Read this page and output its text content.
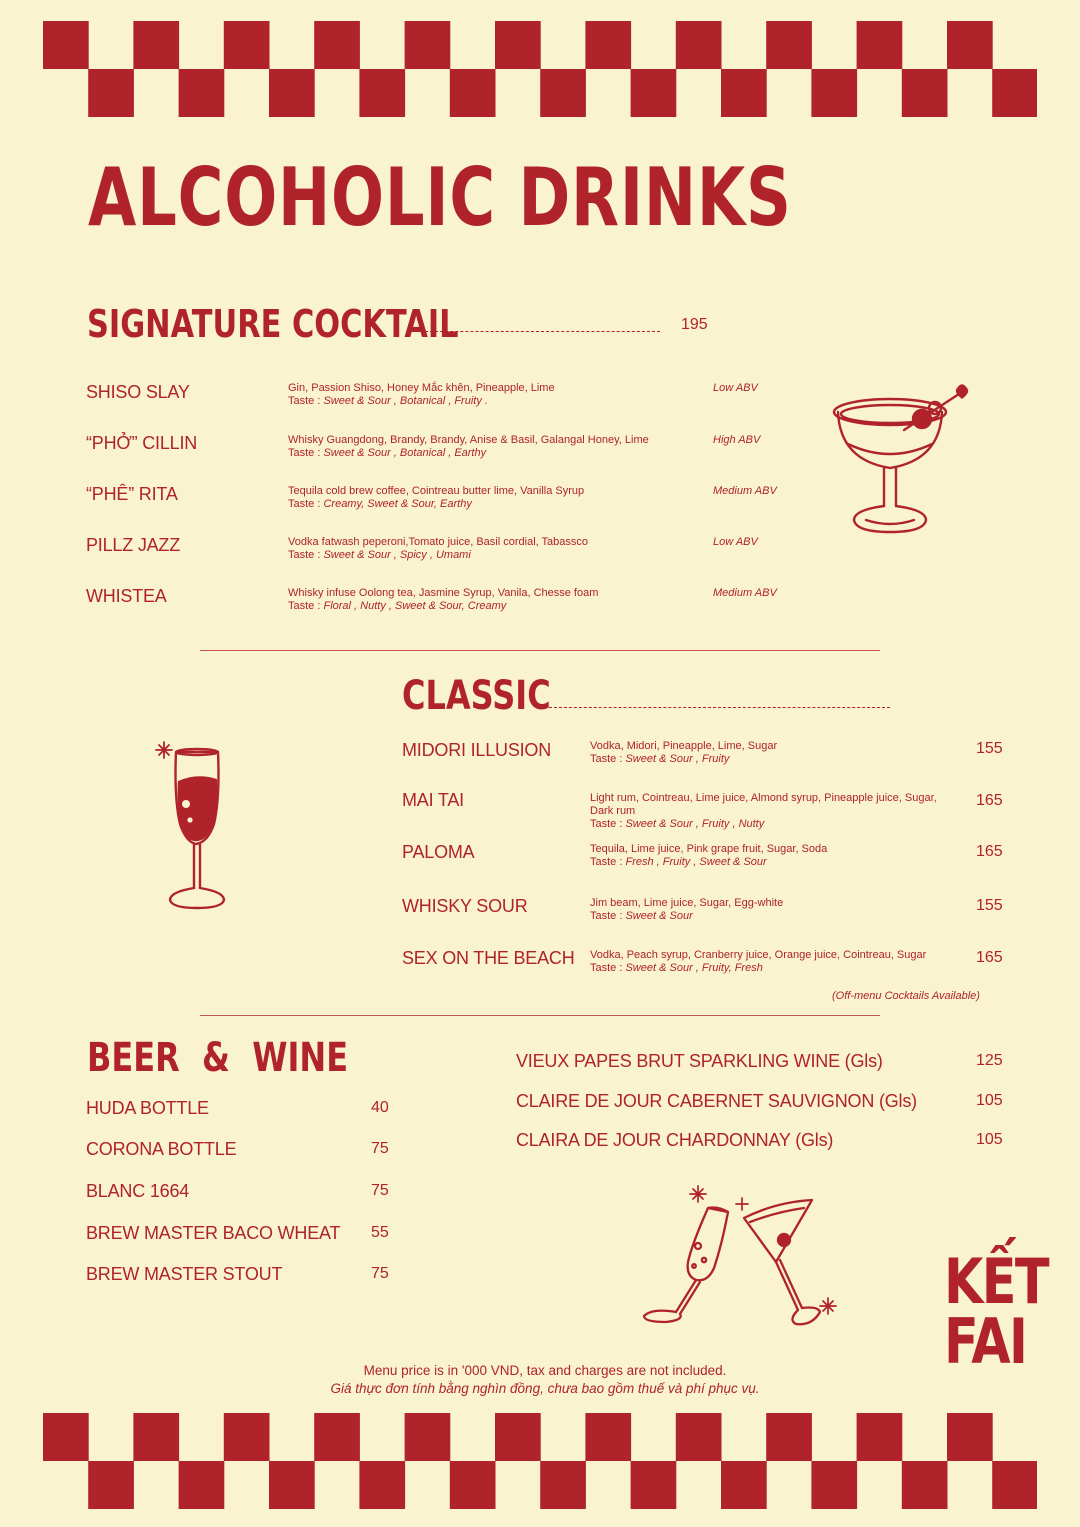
ALCOHOLIC DRINKS
SIGNATURE COCKTAIL	195
SHISO SLAY	Gin, Passion Shiso, Honey Mắc khên, Pineapple, Lime
Taste : Sweet & Sour , Botanical , Fruity .
Low ABV
“PHỞ” CILLIN	Whisky Guangdong, Brandy, Brandy, Anise & Basil, Galangal Honey, Lime
Taste : Sweet & Sour , Botanical , Earthy
High ABV
“PHÊ” RITA	Tequila cold brew coffee, Cointreau butter lime, Vanilla Syrup
Taste : Creamy, Sweet & Sour, Earthy
Medium ABV
PILLZ JAZZ	Vodka fatwash peperoni,Tomato juice, Basil cordial, Tabassco
Taste : Sweet & Sour , Spicy , Umami
Low ABV
WHISTEA	Whisky infuse Oolong tea, Jasmine Syrup, Vanila, Chesse foam
Taste : Floral , Nutty , Sweet & Sour, Creamy
Medium ABV
CLASSIC
MIDORI ILLUSION	Vodka, Midori, Pineapple, Lime, Sugar
Taste : Sweet & Sour , Fruity
155
MAI TAI	Light rum, Cointreau, Lime juice, Almond syrup, Pineapple juice, Sugar, Dark rum
Taste : Sweet & Sour , Fruity , Nutty
165
PALOMA	Tequila, Lime juice, Pink grape fruit, Sugar, Soda
Taste : Fresh , Fruity , Sweet & Sour
165
WHISKY SOUR	Jim beam, Lime juice, Sugar, Egg-white
Taste : Sweet & Sour
155
SEX ON THE BEACH Vodka, Peach syrup, Cranberry juice, Orange juice, Cointreau, Sugar
Taste : Sweet & Sour , Fruity, Fresh
165
(Off-menu Cocktails Available)
BEER  &  WINE
HUDA BOTTLE	40
CORONA BOTTLE	75
BLANC 1664	75
BREW MASTER BACO WHEAT 55
BREW MASTER STOUT	75
VIEUX PAPES BRUT SPARKLING WINE (Gls)	125
CLAIRE DE JOUR CABERNET SAUVIGNON (Gls)	105
CLAIRA DE JOUR CHARDONNAY (Gls)	105
KẾT
FAI
Menu price is in '000 VND, tax and charges are not included.
Giá thực đơn tính bằng nghìn đồng, chưa bao gồm thuế và phí phục vụ.
